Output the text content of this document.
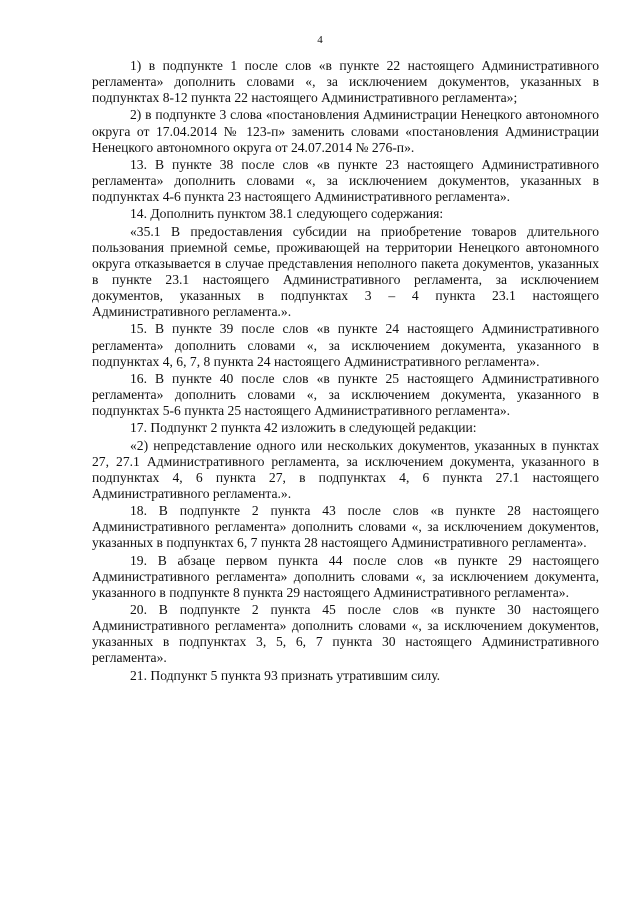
4

1) в подпункте 1 после слов «в пункте 22 настоящего Административного регламента» дополнить словами «, за исключением документов, указанных в подпунктах 8-12 пункта 22 настоящего Административного регламента»;

2) в подпункте 3 слова «постановления Администрации Ненецкого автономного округа от 17.04.2014 № 123-п» заменить словами «постановления Администрации Ненецкого автономного округа от 24.07.2014 № 276-п».

13. В пункте 38 после слов «в пункте 23 настоящего Административного регламента» дополнить словами «, за исключением документов, указанных в подпунктах 4-6 пункта 23 настоящего Административного регламента».

14. Дополнить пунктом 38.1 следующего содержания:

«35.1 В предоставления субсидии на приобретение товаров длительного пользования приемной семье, проживающей на территории Ненецкого автономного округа отказывается в случае представления неполного пакета документов, указанных в пункте 23.1 настоящего Административного регламента, за исключением документов, указанных в подпунктах 3 – 4 пункта 23.1 настоящего Административного регламента.».

15. В пункте 39 после слов «в пункте 24 настоящего Административного регламента» дополнить словами «, за исключением документа, указанного в подпунктах 4, 6, 7, 8 пункта 24 настоящего Административного регламента».

16. В пункте 40 после слов «в пункте 25 настоящего Административного регламента» дополнить словами «, за исключением документа, указанного в подпунктах 5-6 пункта 25 настоящего Административного регламента».

17. Подпункт 2 пункта 42 изложить в следующей редакции:

«2) непредставление одного или нескольких документов, указанных в пунктах 27, 27.1 Административного регламента, за исключением документа, указанного в подпунктах 4, 6 пункта 27, в подпунктах 4, 6 пункта 27.1 настоящего Административного регламента.».

18. В подпункте 2 пункта 43 после слов «в пункте 28 настоящего Административного регламента» дополнить словами «, за исключением документов, указанных в подпунктах 6, 7 пункта 28 настоящего Административного регламента».

19. В абзаце первом пункта 44 после слов «в пункте 29 настоящего Административного регламента» дополнить словами «, за исключением документа, указанного в подпункте 8 пункта 29 настоящего Административного регламента».

20. В подпункте 2 пункта 45 после слов «в пункте 30 настоящего Административного регламента» дополнить словами «, за исключением документов, указанных в подпунктах 3, 5, 6, 7 пункта 30 настоящего Административного регламента».

21. Подпункт 5 пункта 93 признать утратившим силу.
